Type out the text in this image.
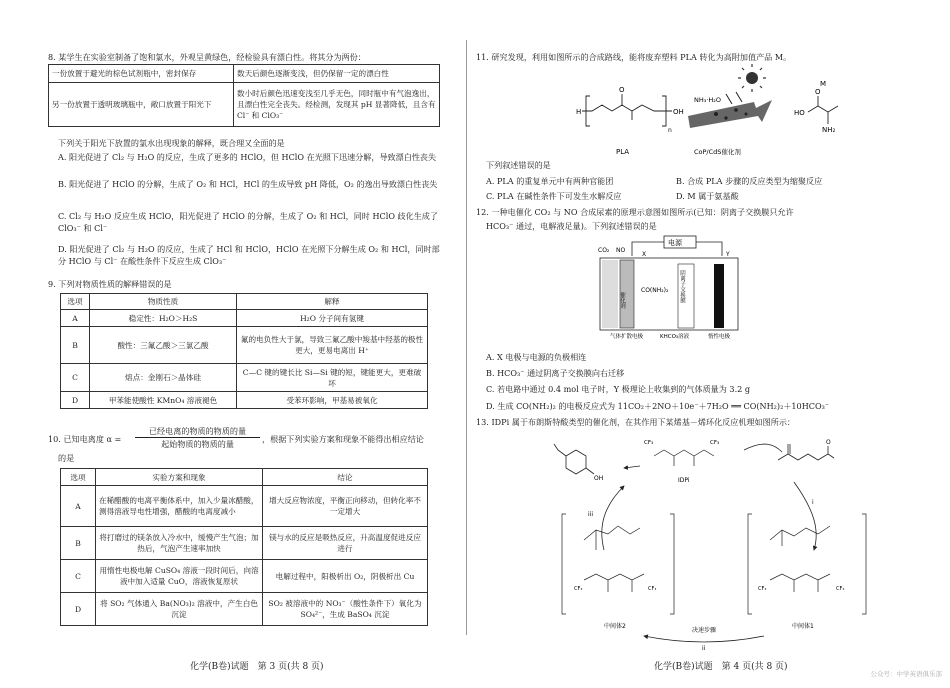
8. 某学生在实验室制备了饱和氯水，外观呈黄绿色，经检验具有漂白性。将其分为两份：
一份放置于避光的棕色试剂瓶中，密封保存	数天后颜色逐渐变浅，但仍保留一定的漂白性
另一份放置于透明玻璃瓶中，敞口放置于阳光下	数小时后颜色迅速变浅至几乎无色，同时瓶中有气泡逸出，且漂白性完全丧失。经检测，发现其 pH 显著降低，且含有 Cl⁻ 和 ClO₃⁻
下列关于阳光下放置的氯水出现现象的解释，既合理又全面的是
A. 阳光促进了 Cl₂ 与 H₂O 的反应，生成了更多的 HClO，但 HClO 在光照下迅速分解，导致漂白性丧失
B. 阳光促进了 HClO 的分解，生成了 O₂ 和 HCl，HCl 的生成导致 pH 降低，O₂ 的逸出导致漂白性丧失
C. Cl₂ 与 H₂O 反应生成 HClO，阳光促进了 HClO 的分解，生成了 O₂ 和 HCl，同时 HClO 歧化生成了 ClO₃⁻ 和 Cl⁻
D. 阳光促进了 Cl₂ 与 H₂O 的反应，生成了 HCl 和 HClO，HClO 在光照下分解生成 O₂ 和 HCl，同时部分 HClO 与 Cl⁻ 在酸性条件下反应生成 ClO₃⁻
9. 下列对物质性质的解释错误的是
选项	物质性质	解释
A	稳定性：H₂O＞H₂S	H₂O 分子间有氢键
B	酸性：三氟乙酸＞三氯乙酸	氟的电负性大于氯，导致三氟乙酸中羧基中羟基的极性更大，更易电离出 H⁺
C	熔点：金刚石＞晶体硅	C—C 键的键长比 Si—Si 键的短，键能更大，更难破坏
D	甲苯能使酸性 KMnO₄ 溶液褪色	受苯环影响，甲基易被氧化
10. 已知电离度 α =
已经电离的物质的物质的量
起始物质的物质的量	，根据下列实验方案和现象不能得出相应结论
的是
选项	实验方案和现象	结论
A	在稀醋酸的电离平衡体系中，加入少量冰醋酸，测得溶液导电性增强，醋酸的电离度减小	增大反应物浓度，平衡正向移动，但转化率不一定增大
B	将打磨过的镁条放入冷水中，缓慢产生气泡；加热后，气泡产生速率加快	镁与水的反应是吸热反应，升高温度促进反应进行
C	用惰性电极电解 CuSO₄ 溶液一段时间后，向溶液中加入适量 CuO，溶液恢复原状	电解过程中，阳极析出 O₂，阴极析出 Cu
D	将 SO₂ 气体通入 Ba(NO₃)₂ 溶液中，产生白色沉淀	SO₂ 被溶液中的 NO₃⁻（酸性条件下）氧化为 SO₄²⁻，生成 BaSO₄ 沉淀
化学(B卷)试题　第 3 页(共 8 页)
11. 研究发现，利用如图所示的合成路线，能将废弃塑料 PLA 转化为高附加值产品 M。
H
O
OH
n
PLA
NH₃·H₂O
CoP/CdS催化剂
HO
O
NH₂
M
下列叙述错误的是
A. PLA 的重复单元中有两种官能团	B. 合成 PLA 步骤的反应类型为缩聚反应
C. PLA 在碱性条件下可发生水解反应	D. M 属于氨基酸
12. 一种电催化 CO₂ 与 NO 合成尿素的原理示意图如图所示(已知：阴离子交换膜只允许
HCO₃⁻ 通过，电解液足量)。下列叙述错误的是
电源
CO₂ NO
X	Y
催化剂
CO(NH₂)₂ 阴离子交换膜
气体扩散电极	KHCO₃溶液	惰性电极
A. X 电极与电源的负极相连
B. HCO₃⁻ 通过阴离子交换膜向右迁移
C. 若电路中通过 0.4 mol 电子时，Y 极理论上收集到的气体质量为 3.2 g
D. 生成 CO(NH₂)₂ 的电极反应式为 11CO₂＋2NO＋10e⁻＋7H₂O ══ CO(NH₂)₂＋10HCO₃⁻
13. IDPi 属于布朗斯特酸类型的催化剂，在其作用下某烯基－烯环化反应机理如图所示：
CF₃	CF₃
IDPi
OH
O
i
ii
iii
CF₃	CF₃
中间体2
CF₃	CF₃
中间体1
决速步骤
化学(B卷)试题　第 4 页(共 8 页)
公众号：中学英语俱乐部
